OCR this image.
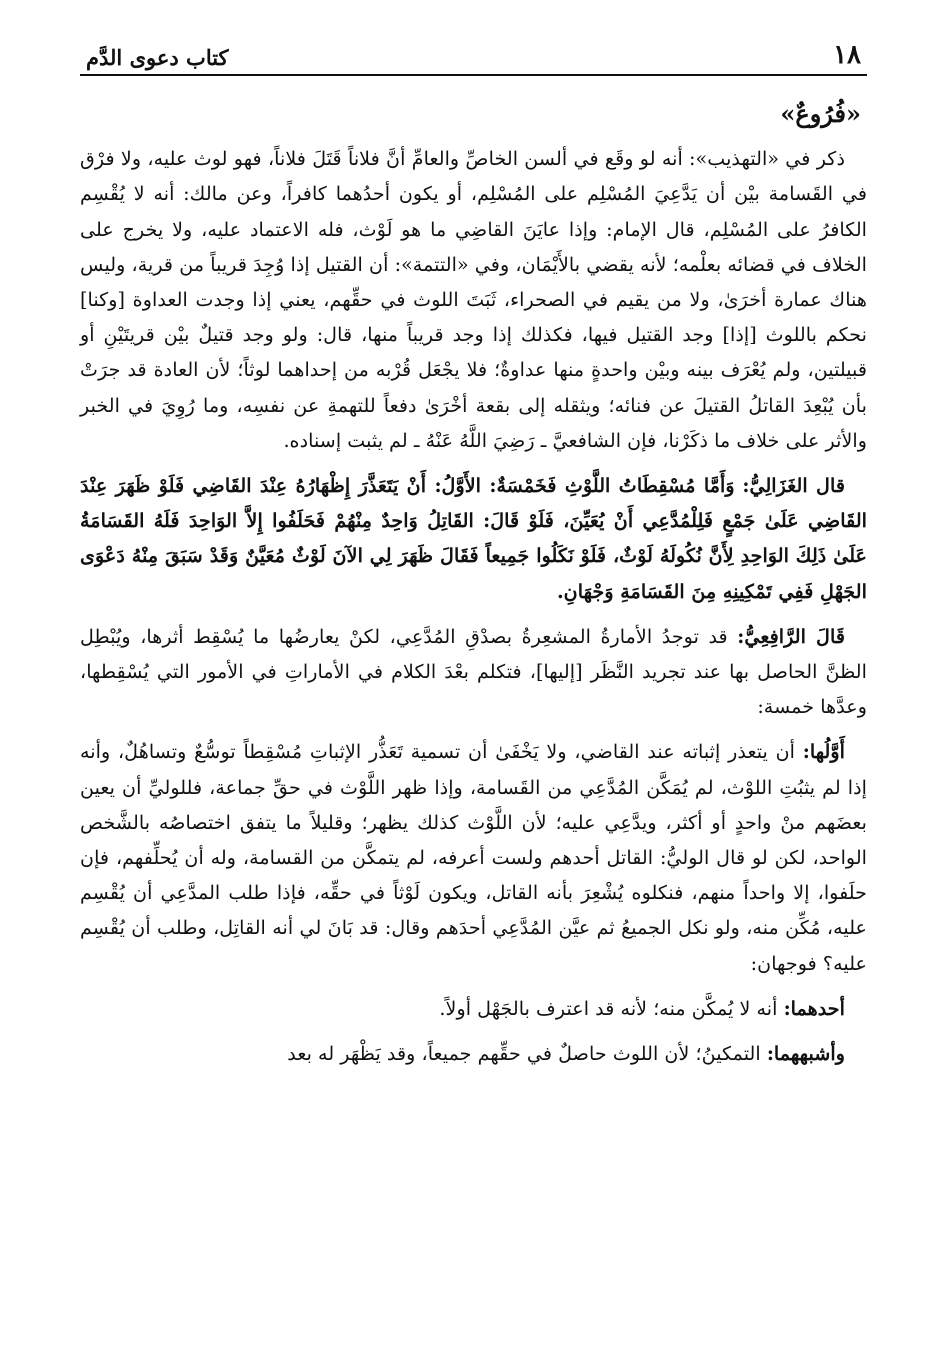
١٨
كتاب دعوى الدَّم
«فُرُوعٌ»

ذكر في «التهذيب»: أنه لو وقَع في ألسن الخاصِّ والعامِّ أنَّ فلاناً قَتَلَ فلاناً، فهو لوث عليه، ولا فرْق في القَسامة بيْن أن يَدَّعِيَ المُسْلِم على المُسْلِم، أو يكون أحدُهما كافراً، وعن مالك: أنه لا يُقْسِم الكافرُ على المُسْلِم، قال الإمام: وإذا عايَنَ القاضِي ما هو لَوْث، فله الاعتماد عليه، ولا يخرج على الخلاف في قضائه بعلْمه؛ لأنه يقضي بالأَيْمَان، وفي «التتمة»: أن القتيل إذا وُجِدَ قريباً من قرية، وليس هناك عمارة أخرَىٰ، ولا من يقيم في الصحراء، ثَبَتَ اللوث في حقِّهم، يعني إذا وجدت العداوة [وكنا] نحكم باللوث [إذا] وجد القتيل فيها، فكذلك إذا وجد قريباً منها، قال: ولو وجد قتيلٌ بيْن قريتَيْنِ أو قبيلتين، ولم يُعْرَف بينه وبيْن واحدةٍ منها عداوةٌ؛ فلا يجْعَل قُرْبه من إحداهما لوثاً؛ لأن العادة قد جرَتْ بأن يُبْعِدَ القاتلُ القتيلَ عن فنائه؛ ويثقله إلى بقعة أخْرَىٰ دفعاً للتهمةِ عن نفسِه، وما رُوِيَ في الخبر والأثر على خلاف ما ذكَرْنا، فإن الشافعيَّ ـ رَضِيَ اللَّهُ عَنْهُ ـ لم يثبت إسناده.

قال الغَزَالِيُّ: وَأَمَّا مُسْقِطَاتُ اللَّوْثِ فَخَمْسَةٌ: الأَوَّلُ: أَنْ يَتَعَذَّرَ إِظْهَارُهُ عِنْدَ القَاضِي فَلَوْ ظَهَرَ عِنْدَ القَاضِي عَلَىٰ جَمْعٍ فَلِلْمُدَّعِي أَنْ يُعَيِّنَ، فَلَوْ قَالَ: القَاتِلُ وَاحِدٌ مِنْهُمْ فَحَلَفُوا إِلاَّ الوَاحِدَ فَلَهُ القَسَامَةُ عَلَىٰ ذَلِكَ الوَاحِدِ لِأَنَّ نُكُولَهُ لَوْثٌ، فَلَوْ نَكَلُوا جَمِيعاً فَقَالَ ظَهَرَ لِي الآنَ لَوْثٌ مُعَيَّنٌ وَقَدْ سَبَقَ مِنْهُ دَعْوَى الجَهْلِ فَفِي تَمْكِينِهِ مِنَ القَسَامَةِ وَجْهَانِ.

قَالَ الرَّافِعِيُّ: قد توجدُ الأمارةُ المشعِرةُ بصدْقِ المُدَّعِي، لكنْ يعارضُها ما يُسْقِط أثرها، ويُبْطِل الظنَّ الحاصل بها عند تجريد النَّظَر [إليها]، فتكلم بعْدَ الكلام في الأماراتِ في الأمور التي يُسْقِطها، وعدَّها خمسة:

أَوَّلُها: أن يتعذر إثباته عند القاضي، ولا يَخْفَىٰ أن تسمية تَعَذُّر الإثباتِ مُسْقِطاً توسُّعٌ وتساهُلٌ، وأنه إذا لم يثبُتِ اللوْث، لم يُمَكَّن المُدَّعِي من القَسامة، وإذا ظهر اللَّوْث في حقِّ جماعة، فللوليِّ أن يعين بعضَهم منْ واحدٍ أو أكثر، ويدَّعِي عليه؛ لأن اللَّوْث كذلك يظهر؛ وقليلاً ما يتفق اختصاصُه بالشَّخص الواحد، لكن لو قال الوليُّ: القاتل أحدهم ولست أعرفه، لم يتمكَّن من القسامة، وله أن يُحلِّفهم، فإن حلَفوا، إلا واحداً منهم، فنكلوه يُشْعِرَ بأنه القاتل، ويكون لَوْثاً في حقِّه، فإذا طلب المدَّعِي أن يُقْسِم عليه، مُكِّن منه، ولو نكل الجميعُ ثم عيَّن المُدَّعِي أحدَهم وقال: قد بَانَ لي أنه القاتِل، وطلب أن يُقْسِم عليه؟ فوجهان:

أحدهما: أنه لا يُمكَّن منه؛ لأنه قد اعترف بالجَهْل أولاً.

وأشبههما: التمكينُ؛ لأن اللوث حاصلٌ في حقِّهم جميعاً، وقد يَظْهَر له بعد
